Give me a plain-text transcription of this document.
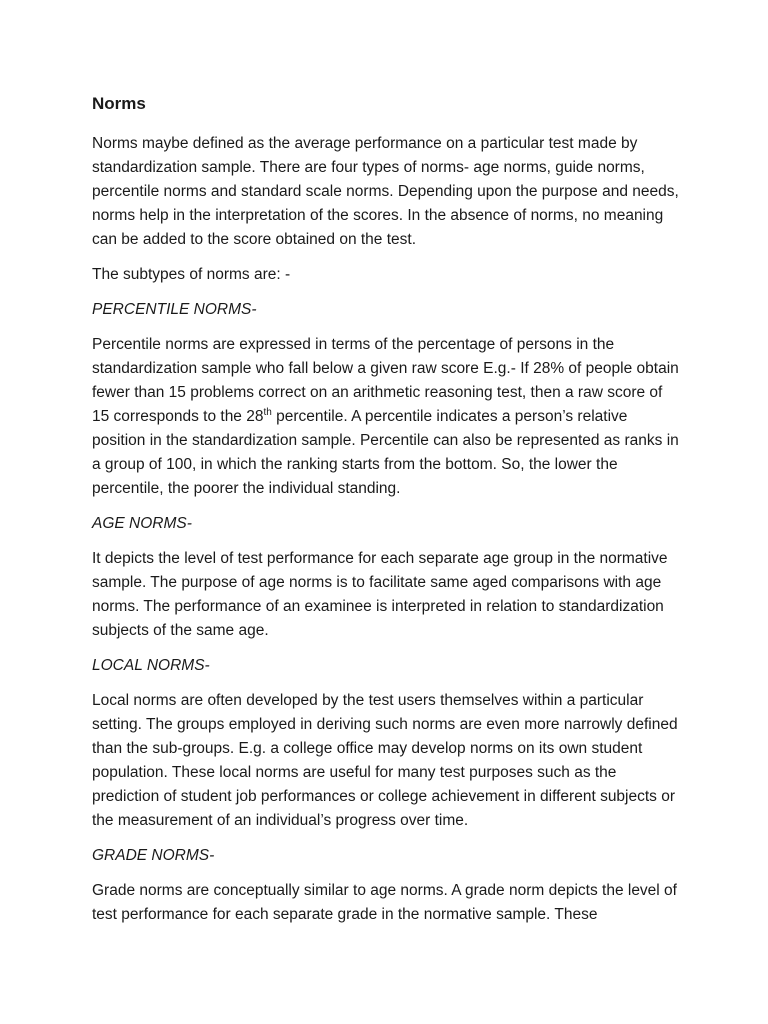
Norms

Norms maybe defined as the average performance on a particular test made by standardization sample. There are four types of norms- age norms, guide norms, percentile norms and standard scale norms. Depending upon the purpose and needs, norms help in the interpretation of the scores. In the absence of norms, no meaning can be added to the score obtained on the test.

The subtypes of norms are: -

PERCENTILE NORMS-

Percentile norms are expressed in terms of the percentage of persons in the standardization sample who fall below a given raw score E.g.- If 28% of people obtain fewer than 15 problems correct on an arithmetic reasoning test, then a raw score of 15 corresponds to the 28th percentile. A percentile indicates a person’s relative position in the standardization sample. Percentile can also be represented as ranks in a group of 100, in which the ranking starts from the bottom. So, the lower the percentile, the poorer the individual standing.

AGE NORMS-

It depicts the level of test performance for each separate age group in the normative sample. The purpose of age norms is to facilitate same aged comparisons with age norms. The performance of an examinee is interpreted in relation to standardization subjects of the same age.

LOCAL NORMS-

Local norms are often developed by the test users themselves within a particular setting. The groups employed in deriving such norms are even more narrowly defined than the sub-groups. E.g. a college office may develop norms on its own student population. These local norms are useful for many test purposes such as the prediction of student job performances or college achievement in different subjects or the measurement of an individual’s progress over time.

GRADE NORMS-

Grade norms are conceptually similar to age norms. A grade norm depicts the level of test performance for each separate grade in the normative sample. These
